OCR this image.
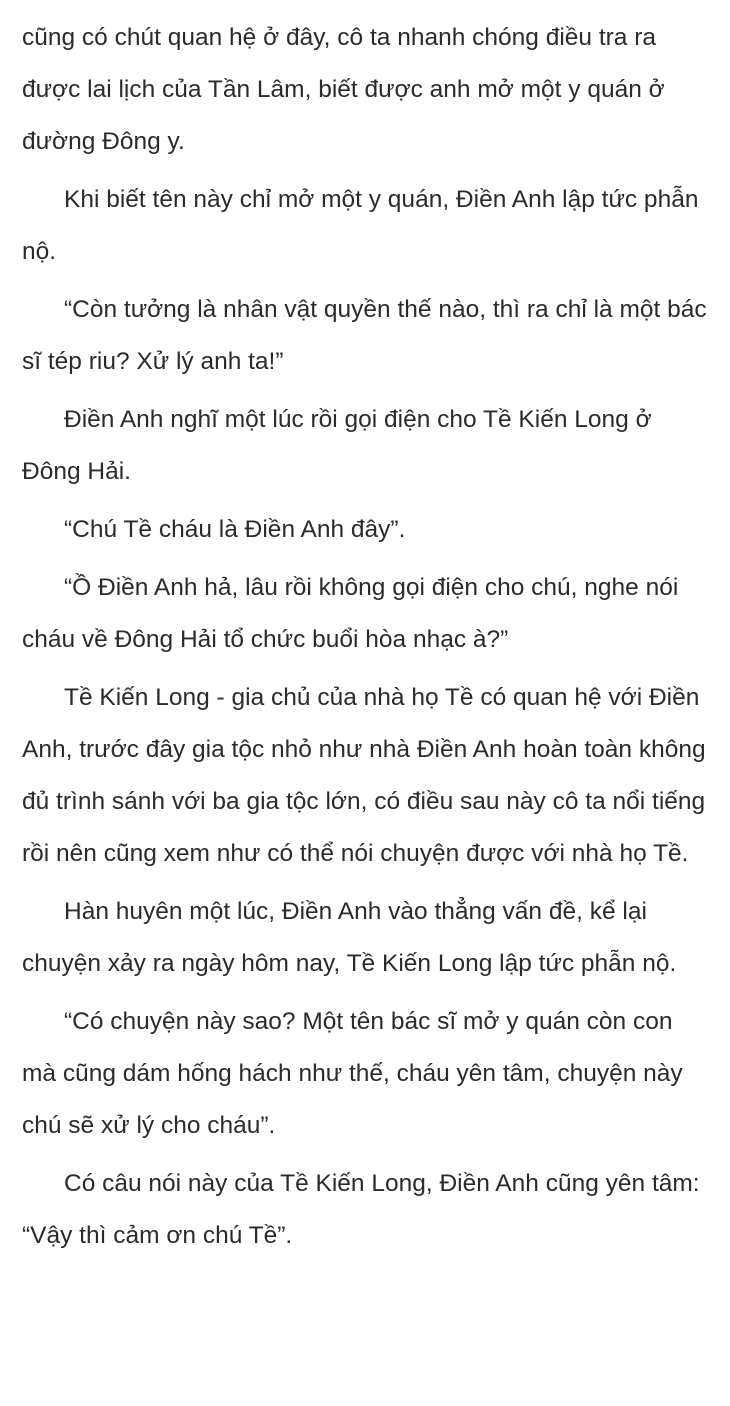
cũng có chút quan hệ ở đây, cô ta nhanh chóng điều tra ra được lai lịch của Tần Lâm, biết được anh mở một y quán ở đường Đông y.

Khi biết tên này chỉ mở một y quán, Điền Anh lập tức phẫn nộ.

“Còn tưởng là nhân vật quyền thế nào, thì ra chỉ là một bác sĩ tép riu? Xử lý anh ta!”

Điền Anh nghĩ một lúc rồi gọi điện cho Tề Kiến Long ở Đông Hải.

“Chú Tề cháu là Điền Anh đây”.

“Ồ Điền Anh hả, lâu rồi không gọi điện cho chú, nghe nói cháu về Đông Hải tổ chức buổi hòa nhạc à?”

Tề Kiến Long - gia chủ của nhà họ Tề có quan hệ với Điền Anh, trước đây gia tộc nhỏ như nhà Điền Anh hoàn toàn không đủ trình sánh với ba gia tộc lớn, có điều sau này cô ta nổi tiếng rồi nên cũng xem như có thể nói chuyện được với nhà họ Tề.

Hàn huyên một lúc, Điền Anh vào thẳng vấn đề, kể lại chuyện xảy ra ngày hôm nay, Tề Kiến Long lập tức phẫn nộ.

“Có chuyện này sao? Một tên bác sĩ mở y quán còn con mà cũng dám hống hách như thế, cháu yên tâm, chuyện này chú sẽ xử lý cho cháu”.

Có câu nói này của Tề Kiến Long, Điền Anh cũng yên tâm: “Vậy thì cảm ơn chú Tề”.
